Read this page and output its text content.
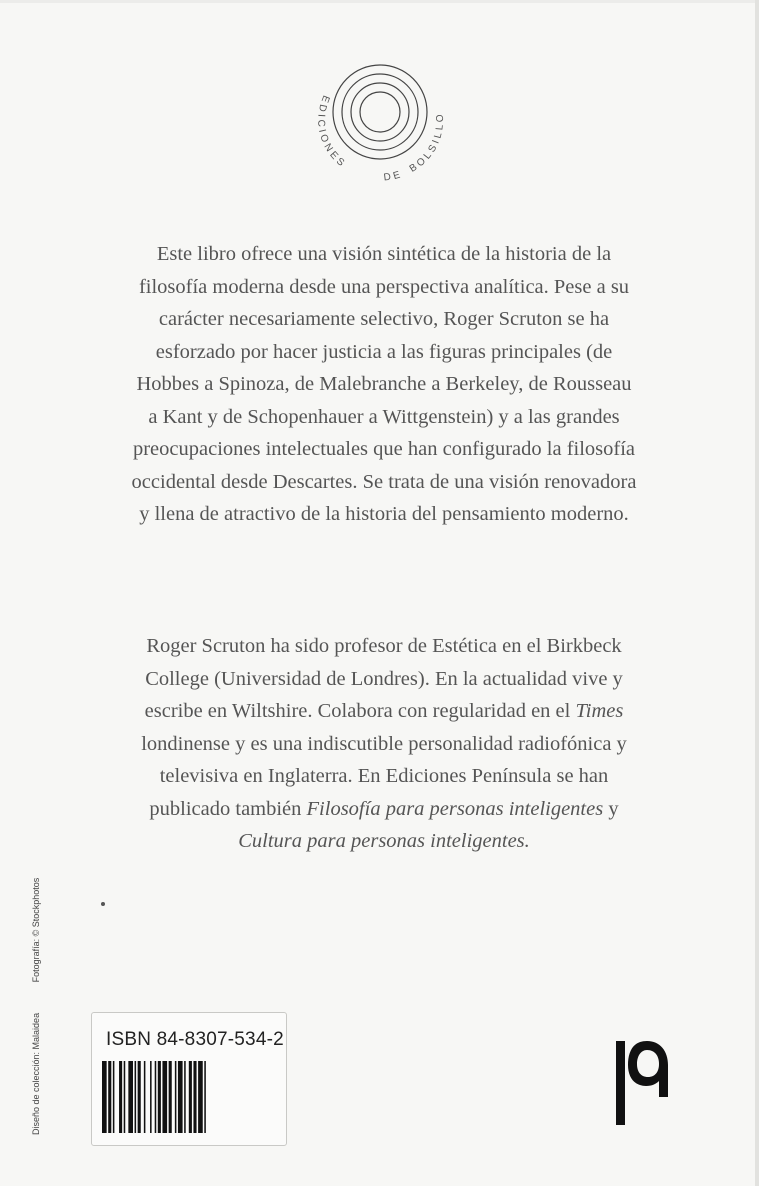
EDICIONES
DE
BOLSILLO
Este libro ofrece una visión sintética de la historia de la
filosofía moderna desde una perspectiva analítica. Pese a su
carácter necesariamente selectivo, Roger Scruton se ha
esforzado por hacer justicia a las figuras principales (de
Hobbes a Spinoza, de Malebranche a Berkeley, de Rousseau
a Kant y de Schopenhauer a Wittgenstein) y a las grandes
preocupaciones intelectuales que han configurado la filosofía
occidental desde Descartes. Se trata de una visión renovadora
y llena de atractivo de la historia del pensamiento moderno.
Roger Scruton ha sido profesor de Estética en el Birkbeck
College (Universidad de Londres). En la actualidad vive y
escribe en Wiltshire. Colabora con regularidad en el Times
londinense y es una indiscutible personalidad radiofónica y
televisiva en Inglaterra. En Ediciones Península se han
publicado también Filosofía para personas inteligentes y
Cultura para personas inteligentes.
Diseño de colección: Malaidea Fotografía: © Stockphotos
ISBN 84-8307-534-2
